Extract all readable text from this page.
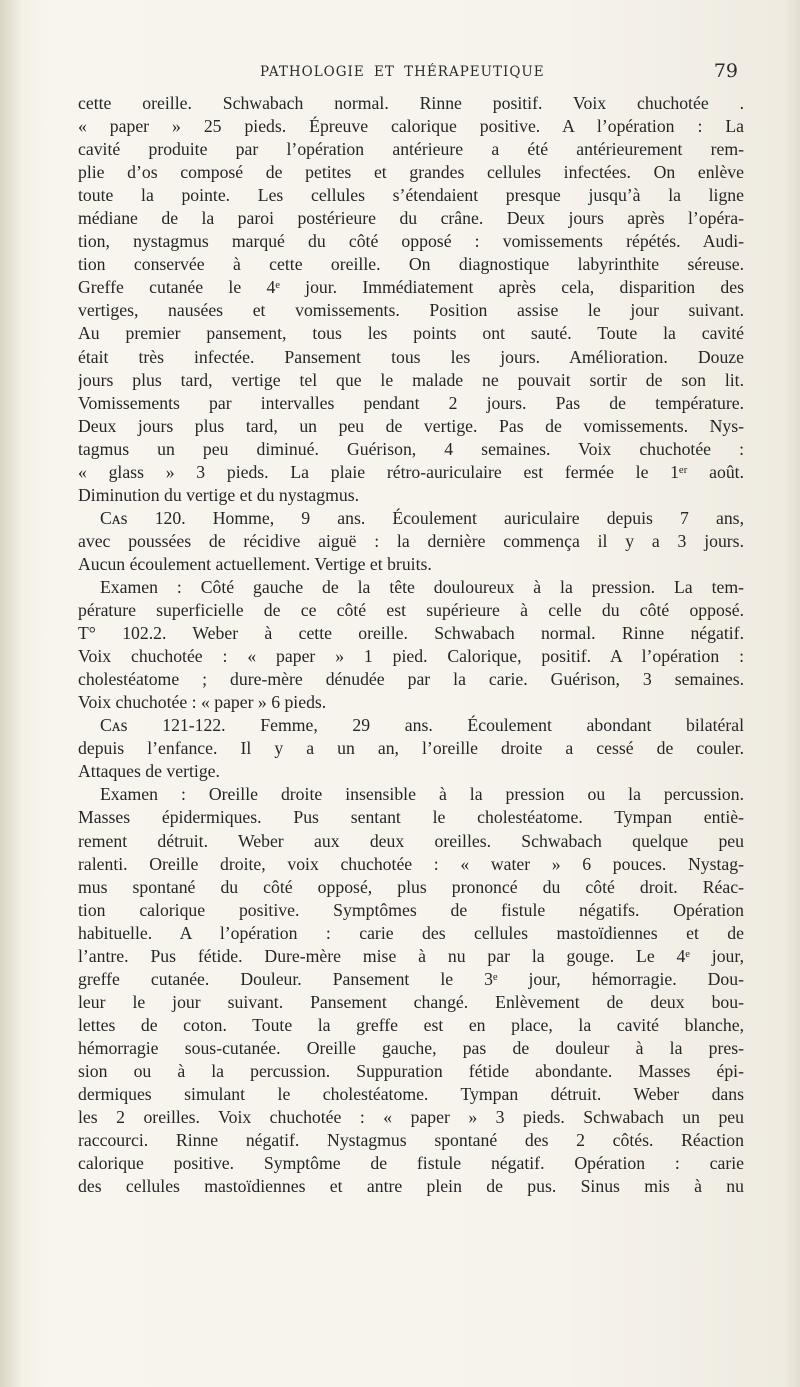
PATHOLOGIE ET THÉRAPEUTIQUE	79

cette oreille. Schwabach normal. Rinne positif. Voix chuchotée .

« paper » 25 pieds. Épreuve calorique positive. A l’opération : La

cavité produite par l’opération antérieure a été antérieurement rem-

plie d’os composé de petites et grandes cellules infectées. On enlève

toute la pointe. Les cellules s’étendaient presque jusqu’à la ligne

médiane de la paroi postérieure du crâne. Deux jours après l’opéra-

tion, nystagmus marqué du côté opposé : vomissements répétés. Audi-

tion conservée à cette oreille. On diagnostique labyrinthite séreuse.

Greffe cutanée le 4ᵉ jour. Immédiatement après cela, disparition des

vertiges, nausées et vomissements. Position assise le jour suivant.

Au premier pansement, tous les points ont sauté. Toute la cavité

était très infectée. Pansement tous les jours. Amélioration. Douze

jours plus tard, vertige tel que le malade ne pouvait sortir de son lit.

Vomissements par intervalles pendant 2 jours. Pas de température.

Deux jours plus tard, un peu de vertige. Pas de vomissements. Nys-

tagmus un peu diminué. Guérison, 4 semaines. Voix chuchotée :

« glass » 3 pieds. La plaie rétro-auriculaire est fermée le 1ᵉʳ août.

Diminution du vertige et du nystagmus.

Cᴀs 120. Homme, 9 ans. Écoulement auriculaire depuis 7 ans,

avec poussées de récidive aiguë : la dernière commença il y a 3 jours.

Aucun écoulement actuellement. Vertige et bruits.

Examen : Côté gauche de la tête douloureux à la pression. La tem-

pérature superficielle de ce côté est supérieure à celle du côté opposé.

T° 102.2. Weber à cette oreille. Schwabach normal. Rinne négatif.

Voix chuchotée : « paper » 1 pied. Calorique, positif. A l’opération :

cholestéatome ; dure-mère dénudée par la carie. Guérison, 3 semaines.

Voix chuchotée : « paper » 6 pieds.

Cᴀs 121-122. Femme, 29 ans. Écoulement abondant bilatéral

depuis l’enfance. Il y a un an, l’oreille droite a cessé de couler.

Attaques de vertige.

Examen : Oreille droite insensible à la pression ou la percussion.

Masses épidermiques. Pus sentant le cholestéatome. Tympan entiè-

rement détruit. Weber aux deux oreilles. Schwabach quelque peu

ralenti. Oreille droite, voix chuchotée : « water » 6 pouces. Nystag-

mus spontané du côté opposé, plus prononcé du côté droit. Réac-

tion calorique positive. Symptômes de fistule négatifs. Opération

habituelle. A l’opération : carie des cellules mastoïdiennes et de

l’antre. Pus fétide. Dure-mère mise à nu par la gouge. Le 4ᵉ jour,

greffe cutanée. Douleur. Pansement le 3ᵉ jour, hémorragie. Dou-

leur le jour suivant. Pansement changé. Enlèvement de deux bou-

lettes de coton. Toute la greffe est en place, la cavité blanche,

hémorragie sous-cutanée. Oreille gauche, pas de douleur à la pres-

sion ou à la percussion. Suppuration fétide abondante. Masses épi-

dermiques simulant le cholestéatome. Tympan détruit. Weber dans

les 2 oreilles. Voix chuchotée : « paper » 3 pieds. Schwabach un peu

raccourci. Rinne négatif. Nystagmus spontané des 2 côtés. Réaction

calorique positive. Symptôme de fistule négatif. Opération : carie

des cellules mastoïdiennes et antre plein de pus. Sinus mis à nu
